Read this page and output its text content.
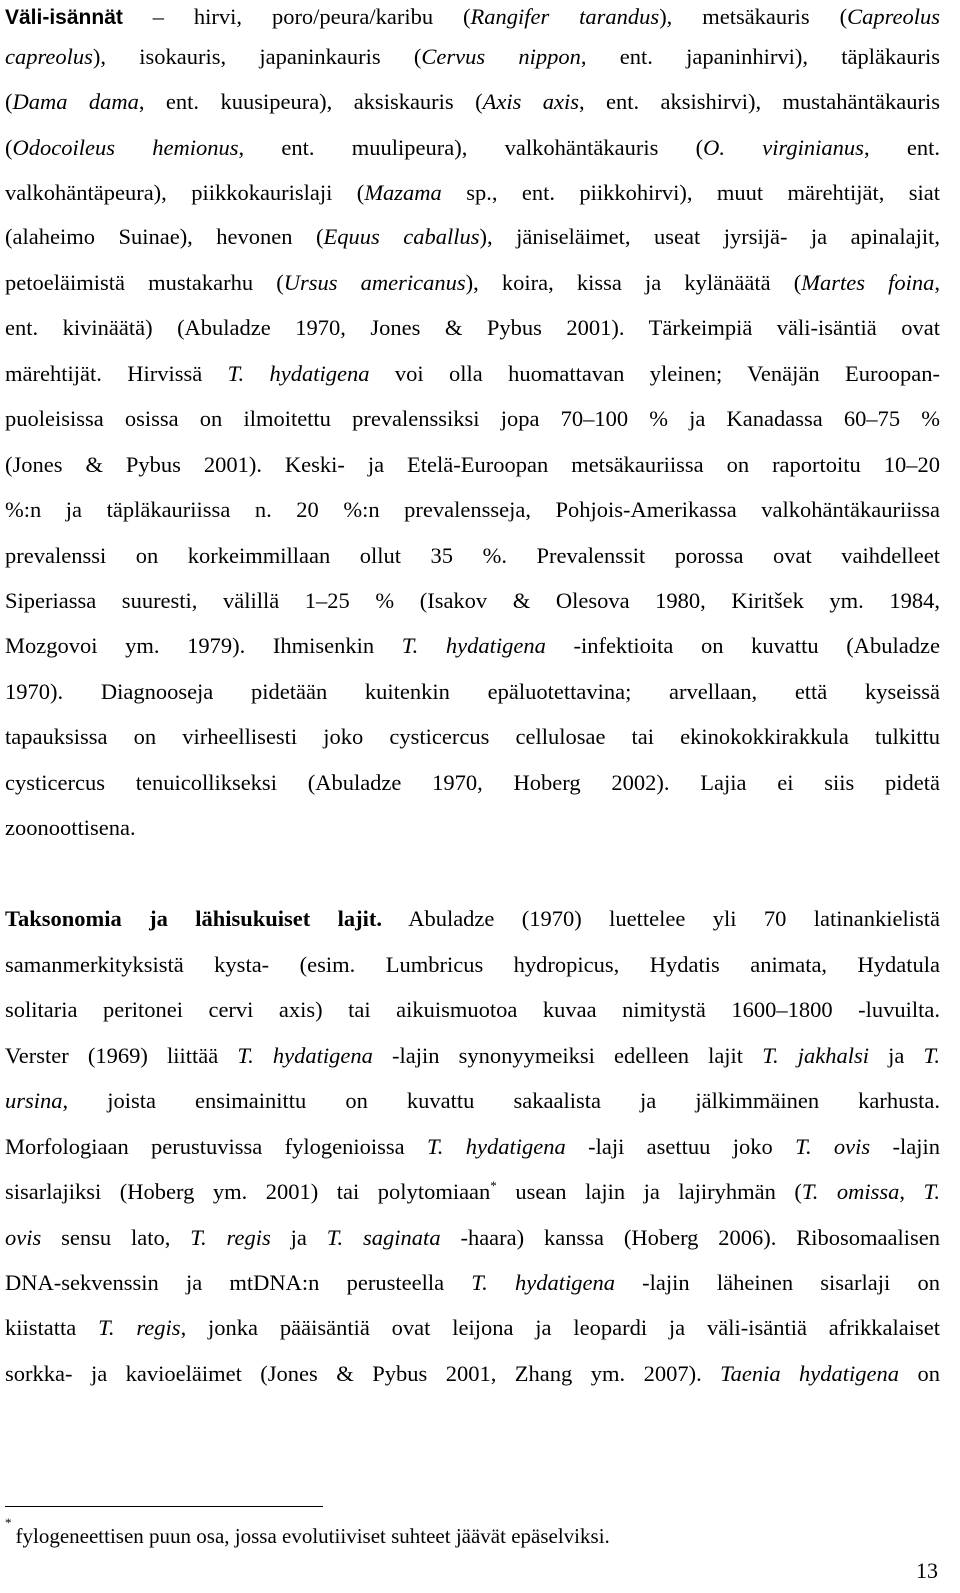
Väli-isännät – hirvi, poro/peura/karibu (Rangifer tarandus), metsäkauris (Capreolus
capreolus), isokauris, japaninkauris (Cervus nippon, ent. japaninhirvi), täpläkauris
(Dama dama, ent. kuusipeura), aksiskauris (Axis axis, ent. aksishirvi), mustahäntäkauris
(Odocoileus hemionus, ent. muulipeura), valkohäntäkauris (O. virginianus, ent.
valkohäntäpeura), piikkokaurislaji (Mazama sp., ent. piikkohirvi), muut märehtijät, siat
(alaheimo Suinae), hevonen (Equus caballus), jäniseläimet, useat jyrsijä- ja apinalajit,
petoeläimistä mustakarhu (Ursus americanus), koira, kissa ja kylänäätä (Martes foina,
ent. kivinäätä) (Abuladze 1970, Jones & Pybus 2001). Tärkeimpiä väli-isäntiä ovat
märehtijät. Hirvissä T. hydatigena voi olla huomattavan yleinen; Venäjän Euroopan-
puoleisissa osissa on ilmoitettu prevalenssiksi jopa 70–100 % ja Kanadassa 60–75 %
(Jones & Pybus 2001). Keski- ja Etelä-Euroopan metsäkauriissa on raportoitu 10–20
%:n ja täpläkauriissa n. 20 %:n prevalensseja, Pohjois-Amerikassa valkohäntäkauriissa
prevalenssi on korkeimmillaan ollut 35 %. Prevalenssit porossa ovat vaihdelleet
Siperiassa suuresti, välillä 1–25 % (Isakov & Olesova 1980, Kiritšek ym. 1984,
Mozgovoi ym. 1979). Ihmisenkin T. hydatigena -infektioita on kuvattu (Abuladze
1970). Diagnooseja pidetään kuitenkin epäluotettavina; arvellaan, että kyseissä
tapauksissa on virheellisesti joko cysticercus cellulosae tai ekinokokkirakkula tulkittu
cysticercus tenuicollikseksi (Abuladze 1970, Hoberg 2002). Lajia ei siis pidetä
zoonoottisena.
Taksonomia ja lähisukuiset lajit. Abuladze (1970) luettelee yli 70 latinankielistä
samanmerkityksistä kysta- (esim. Lumbricus hydropicus, Hydatis animata, Hydatula
solitaria peritonei cervi axis) tai aikuismuotoa kuvaa nimitystä 1600–1800 -luvuilta.
Verster (1969) liittää T. hydatigena -lajin synonyymeiksi edelleen lajit T. jakhalsi ja T.
ursina, joista ensimainittu on kuvattu sakaalista ja jälkimmäinen karhusta.
Morfologiaan perustuvissa fylogenioissa T. hydatigena -laji asettuu joko T. ovis -lajin
sisarlajiksi (Hoberg ym. 2001) tai polytomiaan* usean lajin ja lajiryhmän (T. omissa, T.
ovis sensu lato, T. regis ja T. saginata -haara) kanssa (Hoberg 2006). Ribosomaalisen
DNA-sekvenssin ja mtDNA:n perusteella T. hydatigena -lajin läheinen sisarlaji on
kiistatta T. regis, jonka pääisäntiä ovat leijona ja leopardi ja väli-isäntiä afrikkalaiset
sorkka- ja kavioeläimet (Jones & Pybus 2001, Zhang ym. 2007). Taenia hydatigena on
*fylogeneettisen puun osa, jossa evolutiiviset suhteet jäävät epäselviksi.
13
